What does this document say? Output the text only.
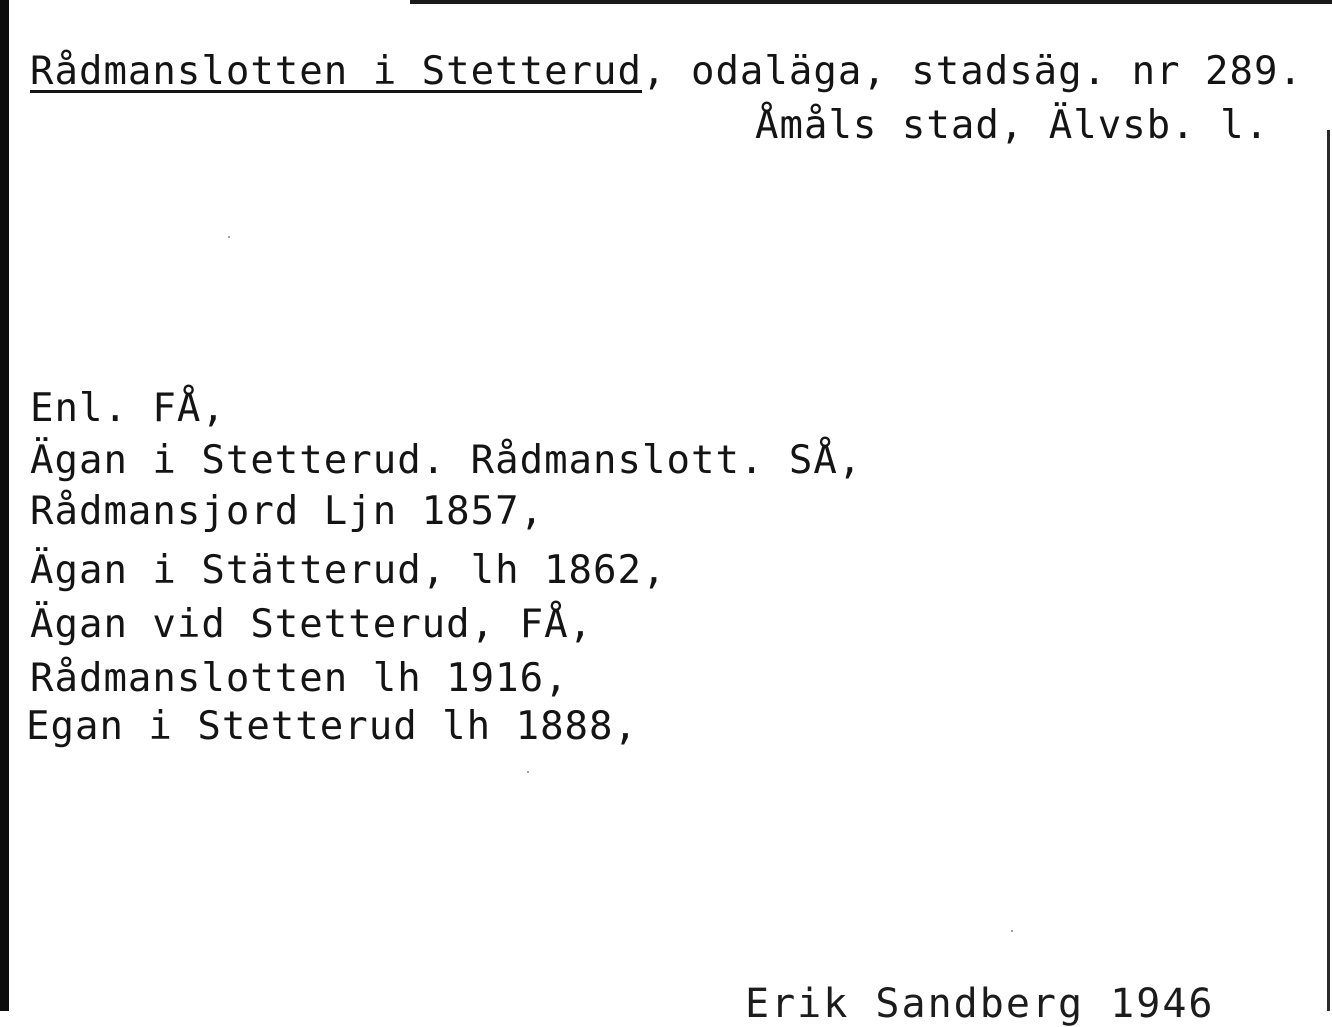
Rådmanslotten i Stetterud, odaläga, stadsäg. nr 289.
Åmåls stad, Älvsb. l.
Enl. FÅ,
Ägan i Stetterud. Rådmanslott. SÅ,
Rådmansjord Ljn 1857,
Ägan i Stätterud, lh 1862,
Ägan vid Stetterud, FÅ,
Rådmanslotten lh 1916,
Egan i Stetterud lh 1888,
Erik Sandberg 1946
